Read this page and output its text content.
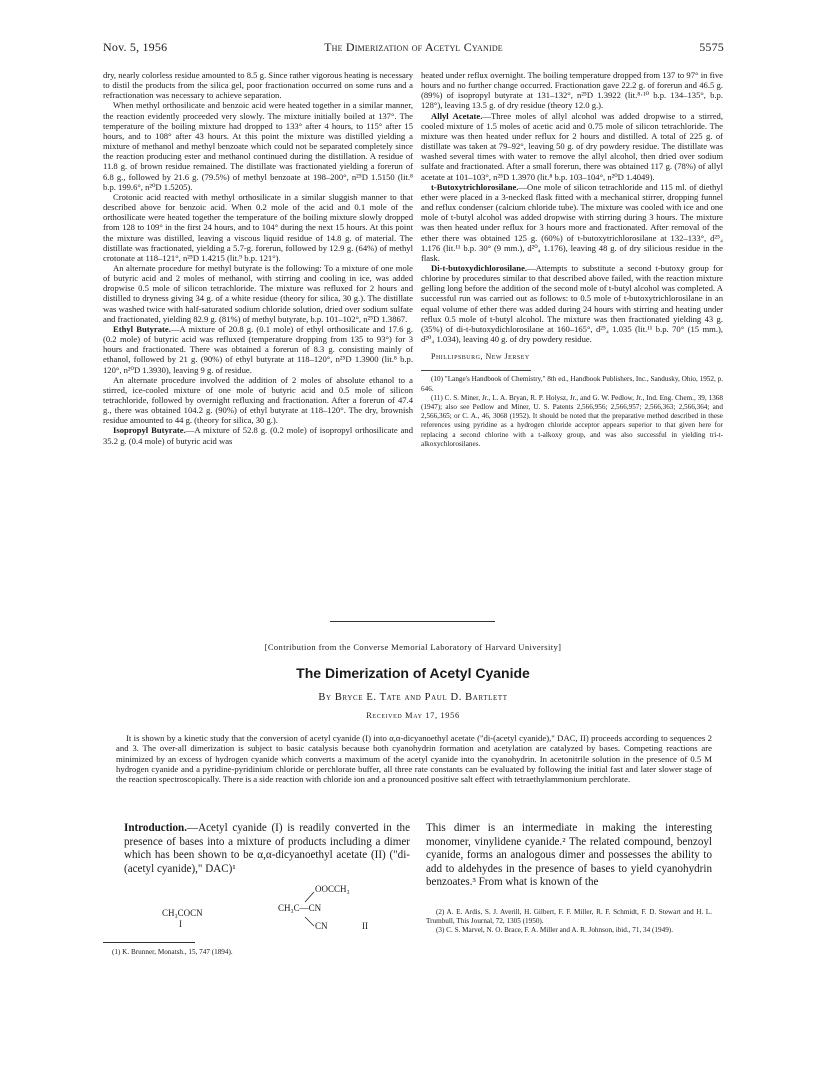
Nov. 5, 1956	The Dimerization of Acetyl Cyanide	5575

dry, nearly colorless residue amounted to 8.5 g. Since rather vigorous heating is necessary to distil the products from the silica gel, poor fractionation occurred on some runs and a refractionation was necessary to achieve separation.

When methyl orthosilicate and benzoic acid were heated together in a similar manner, the reaction evidently proceeded very slowly. The mixture initially boiled at 137°. The temperature of the boiling mixture had dropped to 133° after 4 hours, to 115° after 15 hours, and to 108° after 43 hours. At this point the mixture was distilled yielding a mixture of methanol and methyl benzoate which could not be separated completely since the reaction producing ester and methanol continued during the distillation. A residue of 11.8 g. of brown residue remained. The distillate was fractionated yielding a forerun of 6.8 g., followed by 21.6 g. (79.5%) of methyl benzoate at 198–200°, n²⁵D 1.5150 (lit.⁸ b.p. 199.6°, n²⁰D 1.5205).

Crotonic acid reacted with methyl orthosilicate in a similar sluggish manner to that described above for benzoic acid. When 0.2 mole of the acid and 0.1 mole of the orthosilicate were heated together the temperature of the boiling mixture slowly dropped from 128 to 109° in the first 24 hours, and to 104° during the next 15 hours. At this point the mixture was distilled, leaving a viscous liquid residue of 14.8 g. of material. The distillate was fractionated, yielding a 5.7-g. forerun, followed by 12.9 g. (64%) of methyl crotonate at 118–121°, n²⁵D 1.4215 (lit.⁹ b.p. 121°).

An alternate procedure for methyl butyrate is the following: To a mixture of one mole of butyric acid and 2 moles of methanol, with stirring and cooling in ice, was added dropwise 0.5 mole of silicon tetrachloride. The mixture was refluxed for 2 hours and distilled to dryness giving 34 g. of a white residue (theory for silica, 30 g.). The distillate was washed twice with half-saturated sodium chloride solution, dried over sodium sulfate and fractionated, yielding 82.9 g. (81%) of methyl butyrate, b.p. 101–102°, n²⁵D 1.3867.

Ethyl Butyrate.—A mixture of 20.8 g. (0.1 mole) of ethyl orthosilicate and 17.6 g. (0.2 mole) of butyric acid was refluxed (temperature dropping from 135 to 93°) for 3 hours and fractionated. There was obtained a forerun of 8.3 g. consisting mainly of ethanol, followed by 21 g. (90%) of ethyl butyrate at 118–120°, n²⁵D 1.3900 (lit.⁸ b.p. 120°, n²⁰D 1.3930), leaving 9 g. of residue.

An alternate procedure involved the addition of 2 moles of absolute ethanol to a stirred, ice-cooled mixture of one mole of butyric acid and 0.5 mole of silicon tetrachloride, followed by overnight refluxing and fractionation. After a forerun of 47.4 g., there was obtained 104.2 g. (90%) of ethyl butyrate at 118–120°. The dry, brownish residue amounted to 44 g. (theory for silica, 30 g.).

Isopropyl Butyrate.—A mixture of 52.8 g. (0.2 mole) of isopropyl orthosilicate and 35.2 g. (0.4 mole) of butyric acid was

heated under reflux overnight. The boiling temperature dropped from 137 to 97° in five hours and no further change occurred. Fractionation gave 22.2 g. of forerun and 46.5 g. (89%) of isopropyl butyrate at 131–132°, n²⁵D 1.3922 (lit.⁸·¹⁰ b.p. 134–135°, b.p. 128°), leaving 13.5 g. of dry residue (theory 12.0 g.).

Allyl Acetate.—Three moles of allyl alcohol was added dropwise to a stirred, cooled mixture of 1.5 moles of acetic acid and 0.75 mole of silicon tetrachloride. The mixture was then heated under reflux for 2 hours and distilled. A total of 225 g. of distillate was taken at 79–92°, leaving 50 g. of dry powdery residue. The distillate was washed several times with water to remove the allyl alcohol, then dried over sodium sulfate and fractionated. After a small forerun, there was obtained 117 g. (78%) of allyl acetate at 101–103°, n²⁵D 1.3970 (lit.⁸ b.p. 103–104°, n²⁰D 1.4049).

t-Butoxytrichlorosilane.—One mole of silicon tetrachloride and 115 ml. of diethyl ether were placed in a 3-necked flask fitted with a mechanical stirrer, dropping funnel and reflux condenser (calcium chloride tube). The mixture was cooled with ice and one mole of t-butyl alcohol was added dropwise with stirring during 3 hours. The mixture was then heated under reflux for 3 hours more and fractionated. After removal of the ether there was obtained 125 g. (60%) of t-butoxytrichlorosilane at 132–133°, d²⁵₄ 1.176 (lit.¹¹ b.p. 30° (9 mm.), d²⁰₄ 1.176), leaving 48 g. of dry silicious residue in the flask.

Di-t-butoxydichlorosilane.—Attempts to substitute a second t-butoxy group for chlorine by procedures similar to that described above failed, with the reaction mixture gelling long before the addition of the second mole of t-butyl alcohol was completed. A successful run was carried out as follows: to 0.5 mole of t-butoxytrichlorosilane in an equal volume of ether there was added during 24 hours with stirring and heating under reflux 0.5 mole of t-butyl alcohol. The mixture was then fractionated yielding 43 g. (35%) of di-t-butoxydichlorosilane at 160–165°, d²⁵₄ 1.035 (lit.¹¹ b.p. 70° (15 mm.), d²⁰₄ 1.034), leaving 40 g. of dry powdery residue.

Phillipsburg, New Jersey

(10) "Lange's Handbook of Chemistry," 8th ed., Handbook Publishers, Inc., Sandusky, Ohio, 1952, p. 646.

(11) C. S. Miner, Jr., L. A. Bryan, R. P. Holysz, Jr., and G. W. Pedlow, Jr., Ind. Eng. Chem., 39, 1368 (1947); also see Pedlow and Miner, U. S. Patents 2,566,956; 2,566,957; 2,566,363; 2,566,364; and 2,566,365; or C. A., 46, 3068 (1952). It should be noted that the preparative method described in these references using pyridine as a hydrogen chloride acceptor appears superior to that given here for replacing a second chlorine with a t-alkoxy group, and was also successful in yielding tri-t-alkoxychlorosilanes.

[Contribution from the Converse Memorial Laboratory of Harvard University]
The Dimerization of Acetyl Cyanide
By Bryce E. Tate and Paul D. Bartlett
Received May 17, 1956
It is shown by a kinetic study that the conversion of acetyl cyanide (I) into α,α-dicyanoethyl acetate ("di-(acetyl cyanide)," DAC, II) proceeds according to sequences 2 and 3. The over-all dimerization is subject to basic catalysis because both cyanohydrin formation and acetylation are catalyzed by bases. Competing reactions are minimized by an excess of hydrogen cyanide which converts a maximum of the acetyl cyanide into the cyanohydrin. In acetonitrile solution in the presence of 0.5 M hydrogen cyanide and a pyridine-pyridinium chloride or perchlorate buffer, all three rate constants can be evaluated by following the initial fast and later slower stage of the reaction spectroscopically. There is a side reaction with chloride ion and a pronounced positive salt effect with tetraethylammonium perchlorate.

Introduction.—Acetyl cyanide (I) is readily converted in the presence of bases into a mixture of products including a dimer which has been shown to be α,α-dicyanoethyl acetate (II) ("di-(acetyl cyanide)," DAC)¹

CH₃COCN
I
OOCCH₃
CH₃C—CN
CN	II
(1) K. Brunner, Monatsh., 15, 747 (1894).

This dimer is an intermediate in making the interesting monomer, vinylidene cyanide.² The related compound, benzoyl cyanide, forms an analogous dimer and possesses the ability to add to aldehydes in the presence of bases to yield cyanohydrin benzoates.³ From what is known of the

(2) A. E. Ardis, S. J. Averill, H. Gilbert, F. F. Miller, R. F. Schmidt, F. D. Stewart and H. L. Trumbull, This Journal, 72, 1305 (1950).

(3) C. S. Marvel, N. O. Brace, F. A. Miller and A. R. Johnson, ibid., 71, 34 (1949).
